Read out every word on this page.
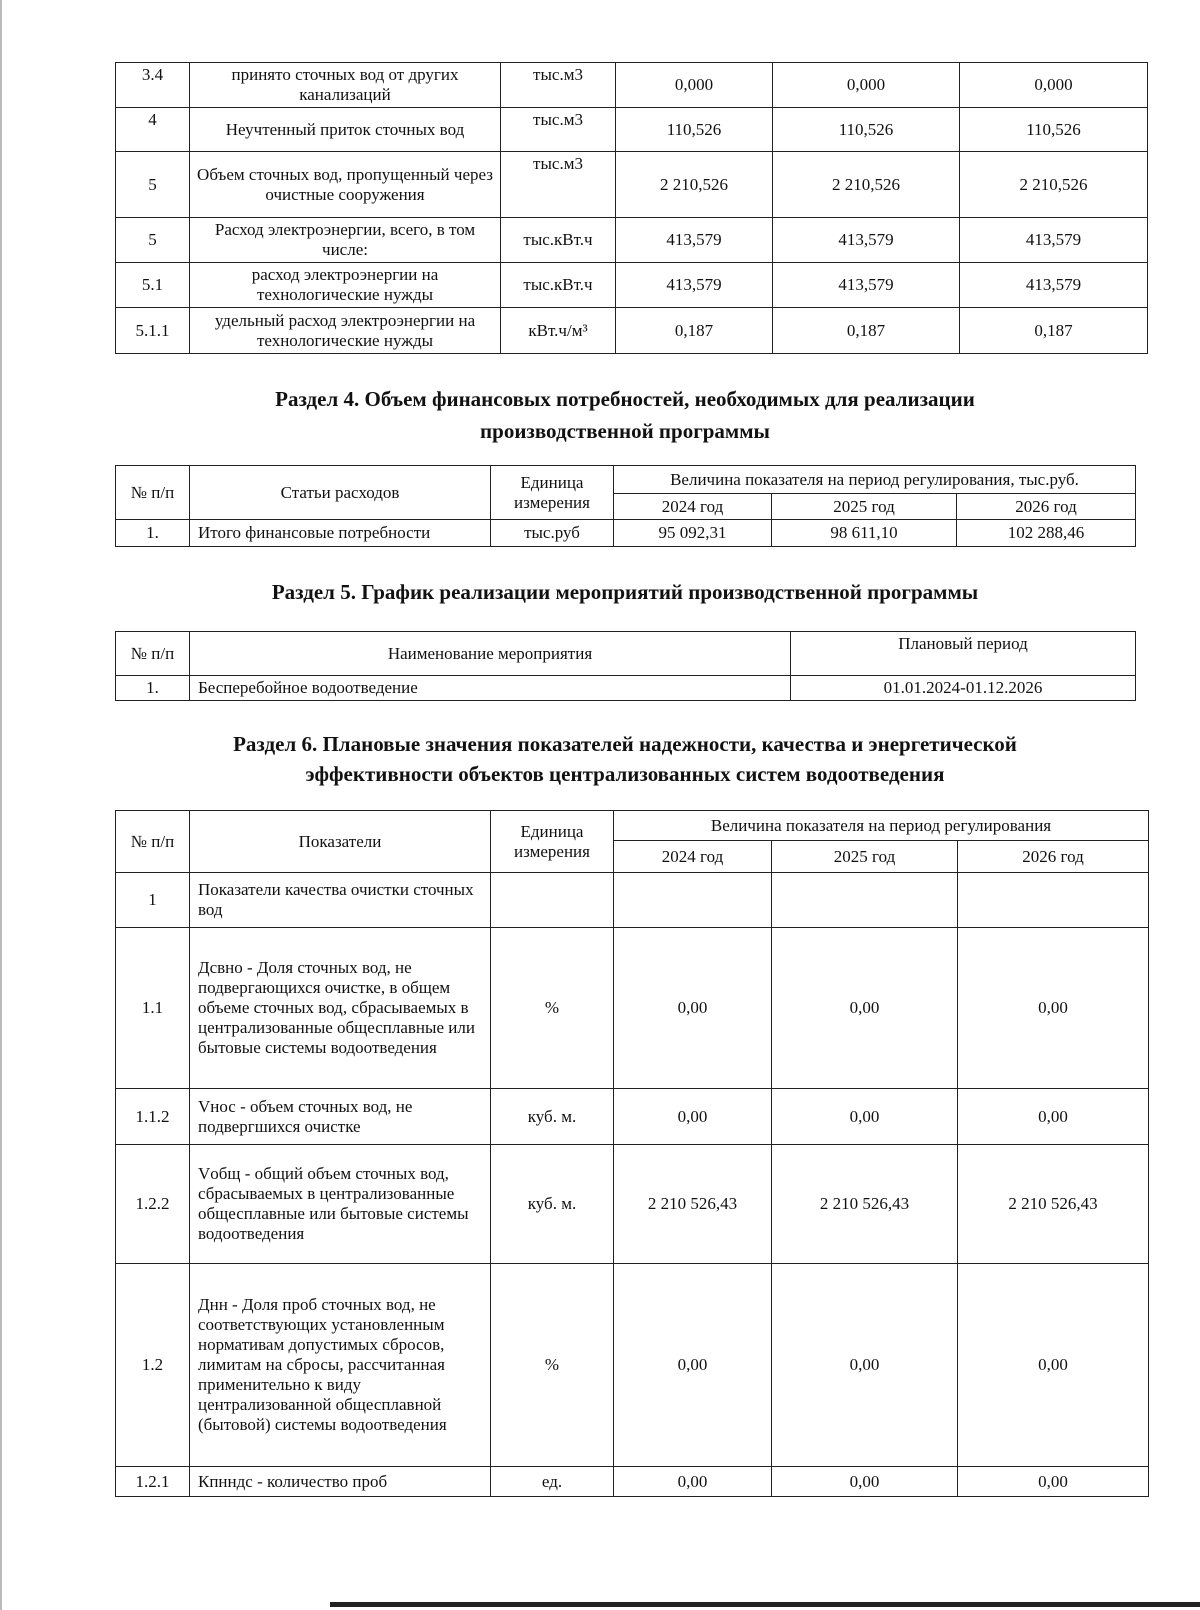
3.4	принято сточных вод от других канализаций	тыс.м3	0,000	0,000	0,000
4	Неучтенный приток сточных вод	тыс.м3	110,526	110,526	110,526
5	Объем сточных вод, пропущенный через очистные сооружения	тыс.м3	2 210,526	2 210,526	2 210,526
5	Расход электроэнергии, всего, в том числе:	тыс.кВт.ч	413,579	413,579	413,579
5.1	расход электроэнергии на технологические нужды	тыс.кВт.ч	413,579	413,579	413,579
5.1.1	удельный расход электроэнергии на технологические нужды	кВт.ч/м³	0,187	0,187	0,187
Раздел 4. Объем финансовых потребностей, необходимых для реализации
производственной программы
№ п/п	Статьи расходов	Единица измерения	Величина показателя на период регулирования, тыс.руб.		
			2024 год	2025 год	2026 год
1.	Итого финансовые потребности	тыс.руб	95 092,31	98 611,10	102 288,46
Раздел 5. График реализации мероприятий производственной программы
№ п/п	Наименование мероприятия	Плановый период
1.	Бесперебойное водоотведение	01.01.2024-01.12.2026
Раздел 6. Плановые значения показателей надежности, качества и энергетической
эффективности объектов централизованных систем водоотведения
№ п/п	Показатели	Единица измерения	Величина показателя на период регулирования		
			2024 год	2025 год	2026 год
1	Показатели качества очистки сточных вод				
1.1	Дсвно - Доля сточных вод, не подвергающихся очистке, в общем объеме сточных вод, сбрасываемых в централизованные общесплавные или бытовые системы водоотведения	%	0,00	0,00	0,00
1.1.2	Vнос - объем сточных вод, не подвергшихся очистке	куб. м.	0,00	0,00	0,00
1.2.2	Vобщ - общий объем сточных вод, сбрасываемых в централизованные общесплавные или бытовые системы водоотведения	куб. м.	2 210 526,43	2 210 526,43	2 210 526,43
1.2	Днн - Доля проб сточных вод, не соответствующих установленным нормативам допустимых сбросов, лимитам на сбросы, рассчитанная применительно к виду централизованной общесплавной (бытовой) системы водоотведения	%	0,00	0,00	0,00
1.2.1	Кпнндс - количество проб	ед.	0,00	0,00	0,00
